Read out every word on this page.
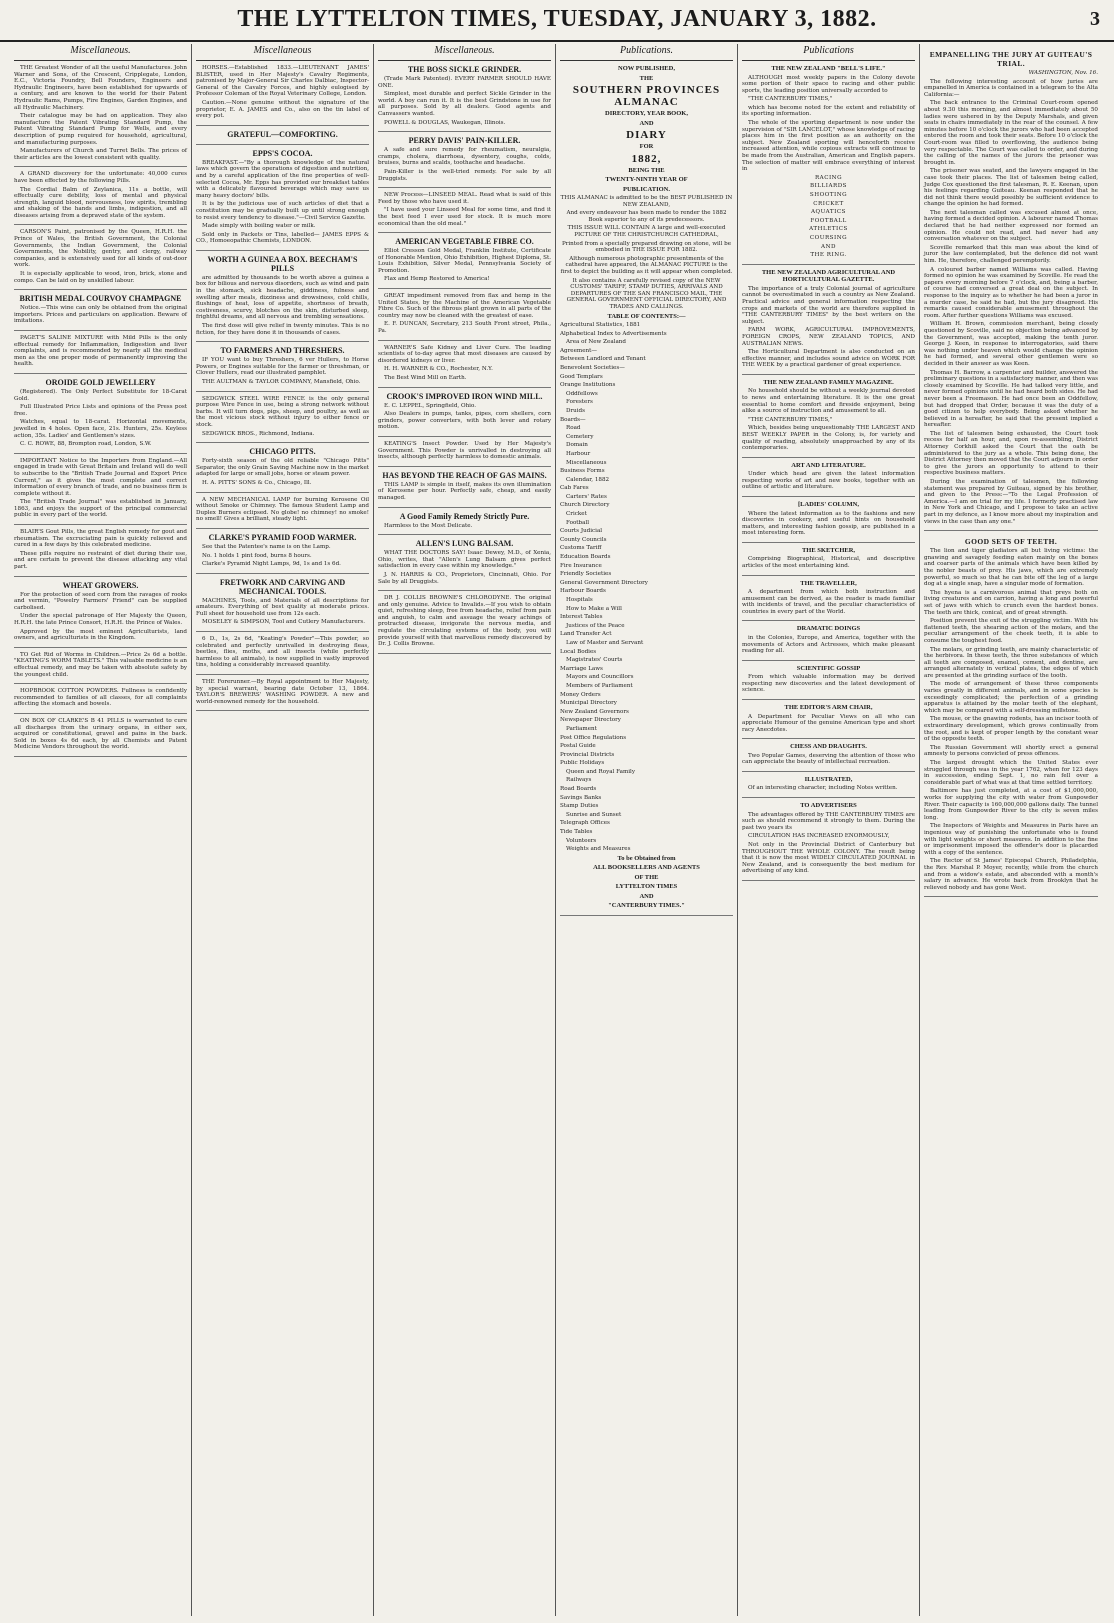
THE LYTTELTON TIMES, TUESDAY, JANUARY 3, 1882.	3
Miscellaneous.

THE Greatest Wonder of all the useful Manufactures. John Warner and Sons, of the Crescent, Cripplegate, London, E.C., Victoria Foundry, Bell Founders, Engineers and Hydraulic Engineers, have been established for upwards of a century, and are known to the world for their Patent Hydraulic Rams, Pumps, Fire Engines, Garden Engines, and all Hydraulic Machinery.

Their catalogue may be had on application. They also manufacture the Patent Vibrating Standard Pump, the Patent Vibrating Standard Pump for Wells, and every description of pump required for household, agricultural, and manufacturing purposes.

Manufacturers of Church and Turret Bells. The prices of their articles are the lowest consistent with quality.

A GRAND discovery for the unfortunate: 40,000 cures have been effected by the following Pills.

The Cordial Balm of Zeylanica, 11s a bottle, will effectually cure debility, loss of mental and physical strength, languid blood, nervousness, low spirits, trembling and shaking of the hands and limbs, indigestion, and all diseases arising from a depraved state of the system.

CARSON'S Paint, patronised by the Queen, H.R.H. the Prince of Wales, the British Government, the Colonial Governments, the Indian Government, the Colonial Governments, the Nobility, gentry, and clergy, railway companies, and is extensively used for all kinds of out-door work.

It is especially applicable to wood, iron, brick, stone and compo. Can be laid on by unskilled labour.

BRITISH MEDAL COURVOY CHAMPAGNE

Notice.—This wine can only be obtained from the original importers. Prices and particulars on application. Beware of imitations.

PAGET'S SALINE MIXTURE with Mild Pills is the only effectual remedy for Inflammation, Indigestion and liver complaints, and is recommended by nearly all the medical men as the one proper mode of permanently improving the health.

OROIDE GOLD JEWELLERY

(Registered). The Only Perfect Substitute for 18-Carat Gold.

Full Illustrated Price Lists and opinions of the Press post free.

Watches, equal to 18-carat. Horizontal movements, jewelled in 4 holes. Open face, 21s. Hunters, 25s. Keyless action, 35s. Ladies' and Gentlemen's sizes.

C. C. ROWE, 88, Brompton road, London, S.W.

IMPORTANT Notice to the Importers from England.—All engaged in trade with Great Britain and Ireland will do well to subscribe to the "British Trade Journal and Export Price Current," as it gives the most complete and correct information of every branch of trade, and no business firm is complete without it.

The "British Trade Journal" was established in January, 1863, and enjoys the support of the principal commercial public in every part of the world.

BLAIR'S Gout Pills, the great English remedy for gout and rheumatism. The excruciating pain is quickly relieved and cured in a few days by this celebrated medicine.

These pills require no restraint of diet during their use, and are certain to prevent the disease attacking any vital part.

WHEAT GROWERS.

For the protection of seed corn from the ravages of rooks and vermin, "Powelry Farmers' Friend" can be supplied carbolised.

Under the special patronage of Her Majesty the Queen, H.R.H. the late Prince Consort, H.R.H. the Prince of Wales.

Approved by the most eminent Agriculturists, land owners, and agriculturists in the Kingdom.

TO Get Rid of Worms in Children.—Price 2s 6d a bottle. "KEATING'S WORM TABLETS." This valuable medicine is an effectual remedy, and may be taken with absolute safety by the youngest child.

HOPBROOK COTTON POWDERS. Fullness is confidently recommended to families of all classes, for all complaints affecting the stomach and bowels.

ON BOX OF CLARKE'S B 41 PILLS is warranted to cure all discharges from the urinary organs, in either sex, acquired or constitutional, gravel and pains in the back. Sold in boxes 4s 6d each, by all Chemists and Patent Medicine Vendors throughout the world.

Miscellaneous

HORSES.—Established 1833.—LIEUTENANT JAMES' BLISTER, used in Her Majesty's Cavalry Regiments, patronised by Major-General Sir Charles Dalbiac, Inspector-General of the Cavalry Forces, and highly eulogised by Professor Coleman of the Royal Veterinary College, London.

Caution.—None genuine without the signature of the proprietor, E. A. JAMES and Co., also on the tin label of every pot.

GRATEFUL—COMFORTING.
EPPS'S COCOA.

BREAKFAST.—"By a thorough knowledge of the natural laws which govern the operations of digestion and nutrition, and by a careful application of the fine properties of well-selected Cocoa, Mr. Epps has provided our breakfast tables with a delicately flavoured beverage which may save us many heavy doctors' bills.

It is by the judicious use of such articles of diet that a constitution may be gradually built up until strong enough to resist every tendency to disease."—Civil Service Gazette.

Made simply with boiling water or milk.

Sold only in Packets or Tins, labelled— JAMES EPPS & CO., Homoeopathic Chemists, LONDON.

WORTH A GUINEA A BOX. BEECHAM'S PILLS

are admitted by thousands to be worth above a guinea a box for bilious and nervous disorders, such as wind and pain in the stomach, sick headache, giddiness, fulness and swelling after meals, dizziness and drowsiness, cold chills, flushings of heat, loss of appetite, shortness of breath, costiveness, scurvy, blotches on the skin, disturbed sleep, frightful dreams, and all nervous and trembling sensations.

The first dose will give relief in twenty minutes. This is no fiction, for they have done it in thousands of cases.

TO FARMERS AND THRESHERS.

IF YOU want to buy Threshers, 6 ver Hullers, to Horse Powers, or Engines suitable for the farmer or threshman, or Clover Hullers, read our illustrated pamphlet.

THE AULTMAN & TAYLOR COMPANY, Mansfield, Ohio.

SEDGWICK STEEL WIRE FENCE is the only general purpose Wire Fence in use, being a strong network without barbs. It will turn dogs, pigs, sheep, and poultry, as well as the most vicious stock without injury to either fence or stock.

SEDGWICK BROS., Richmond, Indiana.

CHICAGO PITTS.

Forty-sixth season of the old reliable "Chicago Pitts" Separator, the only Grain Saving Machine now in the market adapted for large or small jobs, horse or steam power.

H. A. PITTS' SONS & Co., Chicago, Ill.

A NEW MECHANICAL LAMP for burning Kerosene Oil without Smoke or Chimney. The famous Student Lamp and Duplex Burners eclipsed. No globe! no chimney! no smoke! no smell! Gives a brilliant, steady light.

CLARKE'S PYRAMID FOOD WARMER.

See that the Patentee's name is on the Lamp.

No. 1 holds 1 pint food, burns 8 hours.

Clarke's Pyramid Night Lamps, 9d, 1s and 1s 6d.

FRETWORK AND CARVING AND MECHANICAL TOOLS.

MACHINES, Tools, and Materials of all descriptions for amateurs. Everything of best quality at moderate prices. Full sheet for household use from 12s each.

MOSELEY & SIMPSON, Tool and Cutlery Manufacturers.

6 D., 1s, 2s 6d, "Keating's Powder"—This powder, so celebrated and perfectly unrivalled in destroying fleas, beetles, flies, moths, and all insects (while perfectly harmless to all animals), is now supplied in vastly improved tins, holding a considerably increased quantity.

THE Forerunner.—By Royal appointment to Her Majesty, by special warrant, bearing date October 13, 1864. TAYLOR'S BREWERS' WASHING POWDER. A new and world-renowned remedy for the household.

Miscellaneous.
THE BOSS SICKLE GRINDER.

(Trade Mark Patented). EVERY FARMER SHOULD HAVE ONE.

Simplest, most durable and perfect Sickle Grinder in the world. A boy can run it. It is the best Grindstone in use for all purposes. Sold by all dealers. Good agents and Canvassers wanted.

POWELL & DOUGLAS, Waukegan, Illinois.

PERRY DAVIS' PAIN-KILLER.

A safe and sure remedy for rheumatism, neuralgia, cramps, cholera, diarrhoea, dysentery, coughs, colds, bruises, burns and scalds, toothache and headache.

Pain-Killer is the well-tried remedy. For sale by all Druggists.

NEW Process—LINSEED MEAL. Read what is said of this Feed by those who have used it.

"I have used your Linseed Meal for some time, and find it the best feed I ever used for stock. It is much more economical than the old meal."

AMERICAN VEGETABLE FIBRE CO.

Elliot Cresson Gold Medal, Franklin Institute, Certificate of Honorable Mention, Ohio Exhibition, Highest Diploma, St. Louis Exhibition, Silver Medal, Pennsylvania Society of Promotion.

Flax and Hemp Restored to America!

GREAT impediment removed from flax and hemp in the United States, by the Machine of the American Vegetable Fibre Co. Such of the fibrous plant grown in all parts of the country may now be cleaned with the greatest of ease.

E. F. DUNCAN, Secretary, 213 South Front street, Phila., Pa.

WARNER'S Safe Kidney and Liver Cure. The leading scientists of to-day agree that most diseases are caused by disordered kidneys or liver.

H. H. WARNER & CO., Rochester, N.Y.

The Best Wind Mill on Earth.

CROOK'S IMPROVED IRON WIND MILL.

E. C. LEPPEL, Springfield, Ohio.

Also Dealers in pumps, tanks, pipes, corn shellers, corn grinders, power converters, with both lever and rotary motion.

KEATING'S Insect Powder. Used by Her Majesty's Government. This Powder is unrivalled in destroying all insects, although perfectly harmless to domestic animals.

HAS BEYOND THE REACH OF GAS MAINS.

THIS LAMP is simple in itself, makes its own illumination of Kerosene per hour. Perfectly safe, cheap, and easily managed.

A Good Family Remedy Strictly Pure.

Harmless to the Most Delicate.

ALLEN'S LUNG BALSAM.

WHAT THE DOCTORS SAY! Isaac Dewey, M.D., of Xenia, Ohio, writes, that "Allen's Lung Balsam gives perfect satisfaction in every case within my knowledge."

J. N. HARRIS & CO., Proprietors, Cincinnati, Ohio. For Sale by all Druggists.

DR J. COLLIS BROWNE'S CHLORODYNE. The original and only genuine. Advice to Invalids.—If you wish to obtain quiet, refreshing sleep, free from headache, relief from pain and anguish, to calm and assuage the weary achings of protracted disease, invigorate the nervous media, and regulate the circulating systems of the body, you will provide yourself with that marvellous remedy discovered by Dr. J. Collis Browne.

Publications.
NOW PUBLISHED,
THE
SOUTHERN PROVINCES ALMANAC
DIRECTORY, YEAR BOOK,
AND
DIARY
FOR
1882,
BEING THE
TWENTY-NINTH YEAR OF
PUBLICATION.

THIS ALMANAC is admitted to be the BEST PUBLISHED IN NEW ZEALAND,

And every endeavour has been made to render the 1882 Book superior to any of its predecessors.

THIS ISSUE WILL CONTAIN A large and well-executed PICTURE OF THE CHRISTCHURCH CATHEDRAL,

Printed from a specially prepared drawing on stone, will be embodied in THE ISSUE FOR 1882.

Although numerous photographic presentments of the cathedral have appeared, the ALMANAC PICTURE is the first to depict the building as it will appear when completed.

It also contains A carefully revised copy of the NEW CUSTOMS' TARIFF, STAMP DUTIES, ARRIVALS AND DEPARTURES OF THE SAN FRANCISCO MAIL, THE GENERAL GOVERNMENT OFFICIAL DIRECTORY, AND TRADES AND CALLINGS.

TABLE OF CONTENTS:—

Agricultural Statistics, 1881

Alphabetical Index to Advertisements

Area of New Zealand

Agreement—

Between Landlord and Tenant

Benevolent Societies—

Good Templars

Orange Institutions

Oddfellows

Foresters

Druids

Boards—

Road

Cemetery

Domain

Harbour

Miscellaneous

Business Forms

Calendar, 1882

Cab Fares

Carters' Rates

Church Directory

Cricket

Football

Courts Judicial

County Councils

Customs Tariff

Education Boards

Fire Insurance

Friendly Societies

General Government Directory

Harbour Boards

Hospitals

How to Make a Will

Interest Tables

Justices of the Peace

Land Transfer Act

Law of Master and Servant

Local Bodies

Magistrates' Courts

Marriage Laws

Mayors and Councillors

Members of Parliament

Money Orders

Municipal Directory

New Zealand Governors

Newspaper Directory

Parliament

Post Office Regulations

Postal Guide

Provincial Districts

Public Holidays

Queen and Royal Family

Railways

Road Boards

Savings Banks

Stamp Duties

Sunrise and Sunset

Telegraph Offices

Tide Tables

Volunteers

Weights and Measures

To be Obtained from
ALL BOOKSELLERS AND AGENTS
OF THE
LYTTELTON TIMES
AND
"CANTERBURY TIMES."
Publications
THE NEW ZEALAND "BELL'S LIFE."

ALTHOUGH most weekly papers in the Colony devote some portion of their space to racing and other public sports, the leading position universally accorded to

"THE CANTERBURY TIMES,"

which has become noted for the extent and reliability of its sporting information.

The whole of the sporting department is now under the supervision of "SIR LANCELOT," whose knowledge of racing places him in the first position as an authority on the subject. New Zealand sporting will henceforth receive increased attention, while copious extracts will continue to be made from the Australian, American and English papers. The selection of matter will embrace everything of interest in

RACING

BILLIARDS

SHOOTING

CRICKET

AQUATICS

FOOTBALL

ATHLETICS

COURSING

AND

THE RING.

THE NEW ZEALAND AGRICULTURAL AND HORTICULTURAL GAZETTE.

The importance of a truly Colonial journal of agriculture cannot be overestimated in such a country as New Zealand. Practical advice and general information respecting the crops and markets of the world are therefore supplied in "THE CANTERBURY TIMES" by the best writers on the subject.

FARM WORK, AGRICULTURAL IMPROVEMENTS, FOREIGN CROPS, NEW ZEALAND TOPICS, AND AUSTRALIAN NEWS.

The Horticultural Department is also conducted on an effective manner, and includes sound advice on WORK FOR THE WEEK by a practical gardener of great experience.

THE NEW ZEALAND FAMILY MAGAZINE.

No household should be without a weekly journal devoted to news and entertaining literature. It is the one great essential to home comfort and fireside enjoyment, being alike a source of instruction and amusement to all.

"THE CANTERBURY TIMES,"

Which, besides being unquestionably THE LARGEST AND BEST WEEKLY PAPER in the Colony, is, for variety and quality of reading, absolutely unapproached by any of its contemporaries.

ART AND LITERATURE.

Under which head are given the latest information respecting works of art and new books, together with an outline of artistic and literature.

[LADIES' COLUMN,

Where the latest information as to the fashions and new discoveries in cookery, and useful hints on household matters, and interesting fashion gossip, are published in a most interesting form.

THE SKETCHER,

Comprising Biographical, Historical, and descriptive articles of the most entertaining kind.

THE TRAVELLER,

A department from which both instruction and amusement can be derived, as the reader is made familiar with incidents of travel, and the peculiar characteristics of countries in every part of the World.

DRAMATIC DOINGS

in the Colonies, Europe, and America, together with the movements of Actors and Actresses, which make pleasant reading for all.

SCIENTIFIC GOSSIP

From which valuable information may be derived respecting new discoveries and the latest development of science.

THE EDITOR'S ARM CHAIR,

A Department for Peculiar Views on all who can appreciate Humour of the genuine American type and short racy Anecdotes.

CHESS AND DRAUGHTS.

Two Popular Games, deserving the attention of those who can appreciate the beauty of intellectual recreation.

ILLUSTRATED,

Of an interesting character, including Notes written.

TO ADVERTISERS

The advantages offered by THE CANTERBURY TIMES are such as should recommend it strongly to them. During the past two years its

CIRCULATION HAS INCREASED ENORMOUSLY,

Not only in the Provincial District of Canterbury but THROUGHOUT THE WHOLE COLONY. The result being that it is now the most WIDELY CIRCULATED JOURNAL in New Zealand, and is consequently the best medium for advertising of any kind.

EMPANELLING THE JURY AT GUITEAU'S TRIAL.

WASHINGTON, Nov. 16.

The following interesting account of how juries are empanelled in America is contained in a telegram to the Alta California:—

The back entrance to the Criminal Court-room opened about 9.30 this morning, and almost immediately about 50 ladies were ushered in by the Deputy Marshals, and given seats in chairs immediately in the rear of the counsel. A few minutes before 10 o'clock the jurors who had been accepted entered the room and took their seats. Before 10 o'clock the Court-room was filled to overflowing, the audience being very respectable. The Court was called to order, and during the calling of the names of the jurors the prisoner was brought in.

The prisoner was seated, and the lawyers engaged in the case took their places. The list of talesmen being called, Judge Cox questioned the first talesman, R. E. Keenan, upon his feelings regarding Guiteau. Keenan responded that he did not think there would possibly be sufficient evidence to change the opinion he had formed.

The next talesman called was excused almost at once, having formed a decided opinion. A labourer named Thomas declared that he had neither expressed nor formed an opinion. He could not read, and had never had any conversation whatever on the subject.

Scoville remarked that this man was about the kind of juror the law contemplated, but the defence did not want him. He, therefore, challenged peremptorily.

A coloured barber named Williams was called. Having formed no opinion he was examined by Scoville. He read the papers every morning before 7 o'clock, and, being a barber, of course had conversed a great deal on the subject. In response to the inquiry as to whether he had been a juror in a murder case, he said he had, but the jury disagreed. His remarks caused considerable amusement throughout the room. After further questions Williams was excused.

William H. Brown, commission merchant, being closely questioned by Scoville, said no objection being advanced by the Government, was accepted, making the tenth juror. George J. Keen, in response to interrogatories, said there was nothing under heaven which would change the opinion he had formed, and several other gentlemen were so decided in their answer as was Keen.

Thomas H. Barrow, a carpenter and builder, answered the preliminary questions in a satisfactory manner, and then was closely examined by Scoville. He had talked very little, and never formed opinions until he had heard both sides. He had never been a Freemason. He had once been an Oddfellow, but had dropped that Order, because it was the duty of a good citizen to help everybody. Being asked whether he believed in a hereafter, he said that the present implied a hereafter.

The list of talesmen being exhausted, the Court took recess for half an hour, and, upon re-assembling, District Attorney Corkhill asked the Court that the oath be administered to the jury as a whole. This being done, the District Attorney then moved that the Court adjourn in order to give the jurors an opportunity to attend to their respective business matters.

During the examination of talesmen, the following statement was prepared by Guiteau, signed by his brother, and given to the Press:—"To the Legal Profession of America.—I am on trial for my life. I formerly practised law in New York and Chicago, and I propose to take an active part in my defence, as I know more about my inspiration and views in the case than any one."

GOOD SETS OF TEETH.

The lion and tiger gladiators all but living victims: the gnawing and savagely feeding eaten mainly on the bones and coarser parts of the animals which have been killed by the nobler beasts of prey. His jaws, which are extremely powerful, so much so that he can bite off the leg of a large dog at a single snap, have a singular mode of formation.

The hyena is a carnivorous animal that preys both on living creatures and on carrion, having a long and powerful set of jaws with which to crunch even the hardest bones. The teeth are thick, conical, and of great strength.

Position prevent the exit of the struggling victim. With his flattened teeth, the shearing action of the molars, and the peculiar arrangement of the cheek teeth, it is able to consume the toughest food.

The molars, or grinding teeth, are mainly characteristic of the herbivora. In these teeth, the three substances of which all teeth are composed, enamel, cement, and dentine, are arranged alternately in vertical plates, the edges of which are presented at the grinding surface of the tooth.

The mode of arrangement of these three components varies greatly in different animals, and in some species is exceedingly complicated; the perfection of a grinding apparatus is attained by the molar teeth of the elephant, which may be compared with a self-dressing millstone.

The mouse, or the gnawing rodents, has an incisor tooth of extraordinary development, which grows continually from the root, and is kept of proper length by the constant wear of the opposite teeth.

The Russian Government will shortly erect a general amnesty to persons convicted of press offences.

The largest drought which the United States ever struggled through was in the year 1762, when for 123 days in succession, ending Sept. 1, no rain fell over a considerable part of what was at that time settled territory.

Baltimore has just completed, at a cost of $1,000,000, works for supplying the city with water from Gunpowder River. Their capacity is 160,000,000 gallons daily. The tunnel leading from Gunpowder River to the city is seven miles long.

The Inspectors of Weights and Measures in Paris have an ingenious way of punishing the unfortunate who is found with light weights or short measures. In addition to the fine or imprisonment imposed the offender's door is placarded with a copy of the sentence.

The Rector of St James' Episcopal Church, Philadelphia, the Rev. Marshal P. Moyer, recently, while from the church and from a widow's estate, and absconded with a month's salary in advance. He wrote back from Brooklyn that he relieved nobody and has gone West.
